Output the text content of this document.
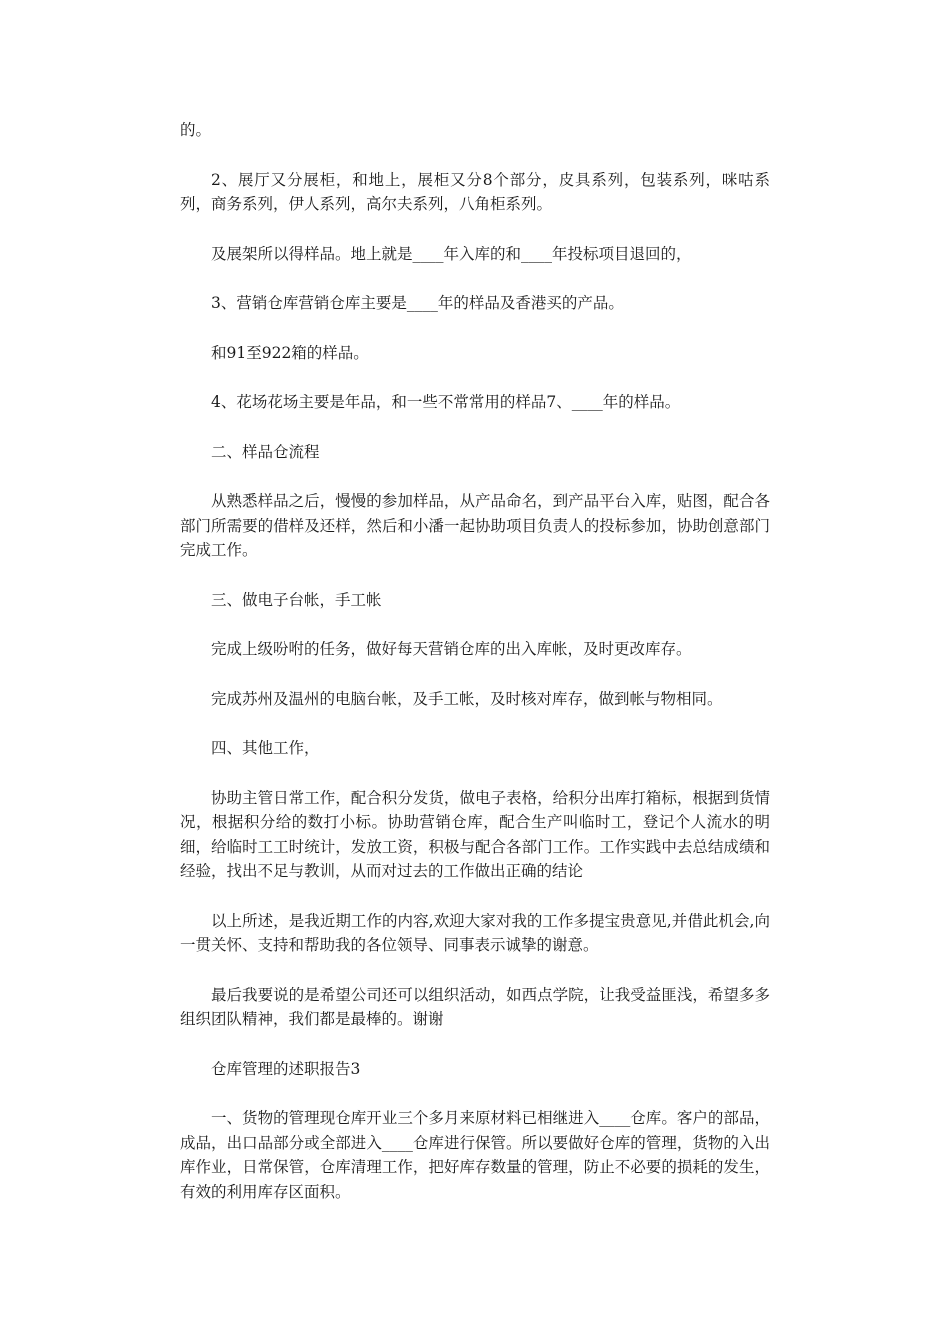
的。

2、展厅又分展柜，和地上，展柜又分8个部分，皮具系列，包装系列，咪咕系列，商务系列，伊人系列，高尔夫系列，八角柜系列。

及展架所以得样品。地上就是____年入库的和____年投标项目退回的，

3、营销仓库营销仓库主要是____年的样品及香港买的产品。

和91至922箱的样品。

4、花场花场主要是年品，和一些不常常用的样品7、____年的样品。

二、样品仓流程

从熟悉样品之后，慢慢的参加样品，从产品命名，到产品平台入库，贴图，配合各部门所需要的借样及还样，然后和小潘一起协助项目负责人的投标参加，协助创意部门完成工作。

三、做电子台帐，手工帐

完成上级吩咐的任务，做好每天营销仓库的出入库帐，及时更改库存。

完成苏州及温州的电脑台帐，及手工帐，及时核对库存，做到帐与物相同。

四、其他工作，

协助主管日常工作，配合积分发货，做电子表格，给积分出库打箱标，根据到货情况，根据积分给的数打小标。协助营销仓库，配合生产叫临时工，登记个人流水的明细，给临时工工时统计，发放工资，积极与配合各部门工作。工作实践中去总结成绩和经验，找出不足与教训，从而对过去的工作做出正确的结论

以上所述，是我近期工作的内容,欢迎大家对我的工作多提宝贵意见,并借此机会,向一贯关怀、支持和帮助我的各位领导、同事表示诚挚的谢意。

最后我要说的是希望公司还可以组织活动，如西点学院，让我受益匪浅，希望多多组织团队精神，我们都是最棒的。谢谢

仓库管理的述职报告3

一、货物的管理现仓库开业三个多月来原材料已相继进入____仓库。客户的部品，成品，出口品部分或全部进入____仓库进行保管。所以要做好仓库的管理，货物的入出库作业，日常保管，仓库清理工作，把好库存数量的管理，防止不必要的损耗的发生，有效的利用库存区面积。
